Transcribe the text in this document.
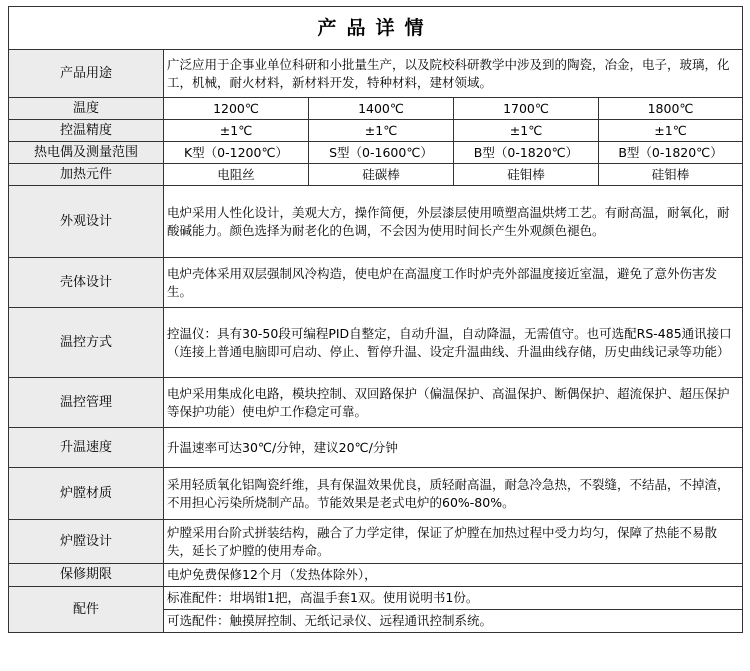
产品详情				
产品用途	广泛应用于企事业单位科研和小批量生产，以及院校科研教学中涉及到的陶瓷，冶金，电子，玻璃，化工，机械，耐火材料，新材料开发，特种材料，建材领域。			
温度	1200℃	1400℃	1700℃	1800℃
控温精度	±1℃	±1℃	±1℃	±1℃
热电偶及测量范围	K型（0-1200℃）	S型（0-1600℃）	B型（0-1820℃）	B型（0-1820℃）
加热元件	电阻丝	硅碳棒	硅钼棒	硅钼棒
外观设计	电炉采用人性化设计，美观大方，操作简便，外层漆层使用喷塑高温烘烤工艺。有耐高温，耐氧化，耐酸碱能力。颜色选择为耐老化的色调，不会因为使用时间长产生外观颜色褪色。			
壳体设计	电炉壳体采用双层强制风冷构造，使电炉在高温度工作时炉壳外部温度接近室温，避免了意外伤害发生。			
温控方式	控温仪：具有30-50段可编程PID自整定，自动升温，自动降温，无需值守。也可选配RS-485通讯接口（连接上普通电脑即可启动、停止、暂停升温、设定升温曲线、升温曲线存储，历史曲线记录等功能）			
温控管理	电炉采用集成化电路，模块控制、双回路保护（偏温保护、高温保护、断偶保护、超流保护、超压保护等保护功能）使电炉工作稳定可靠。			
升温速度	升温速率可达30℃/分钟，建议20℃/分钟			
炉膛材质	采用轻质氧化铝陶瓷纤维，具有保温效果优良，质轻耐高温，耐急冷急热，不裂缝，不结晶，不掉渣，不用担心污染所烧制产品。节能效果是老式电炉的60%-80%。			
炉膛设计	炉膛采用台阶式拼装结构，融合了力学定律，保证了炉膛在加热过程中受力均匀，保障了热能不易散失，延长了炉膛的使用寿命。			
保修期限	电炉免费保修12个月（发热体除外），			
配件	标准配件：坩埚钳1把，高温手套1双。使用说明书1份。			
	可选配件：触摸屏控制、无纸记录仪、远程通讯控制系统。			
